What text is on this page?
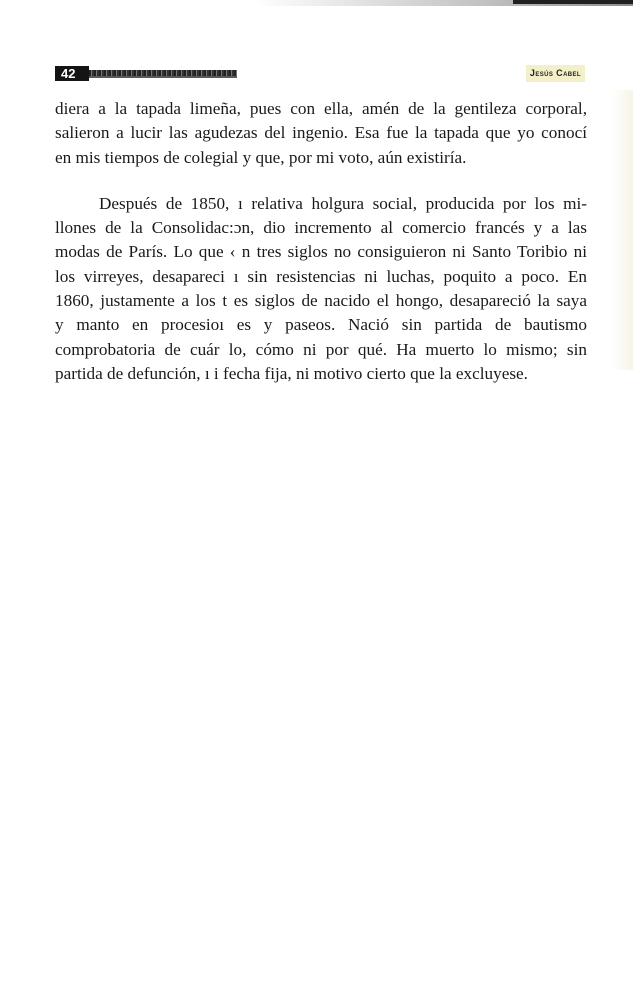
42	Jesús Cabel

diera a la tapada limeña, pues con ella, amén de la gentileza corporal,
salieron a lucir las agudezas del ingenio. Esa fue la tapada que yo conocí
en mis tiempos de colegial y que, por mi voto, aún existiría.

Después de 1850, ı relativa holgura social, producida por los mi-
llones de la Consolidac:ɔn, dio incremento al comercio francés y a las
modas de París. Lo que ‹ n tres siglos no consiguieron ni Santo Toribio ni
los virreyes, desapareci ı sin resistencias ni luchas, poquito a poco. En
1860, justamente a los t es siglos de nacido el hongo, desapareció la saya
y manto en procesioı es y paseos. Nació sin partida de bautismo
comprobatoria de cuár lo, cómo ni por qué. Ha muerto lo mismo; sin
partida de defunción, ı i fecha fija, ni motivo cierto que la excluyese.
